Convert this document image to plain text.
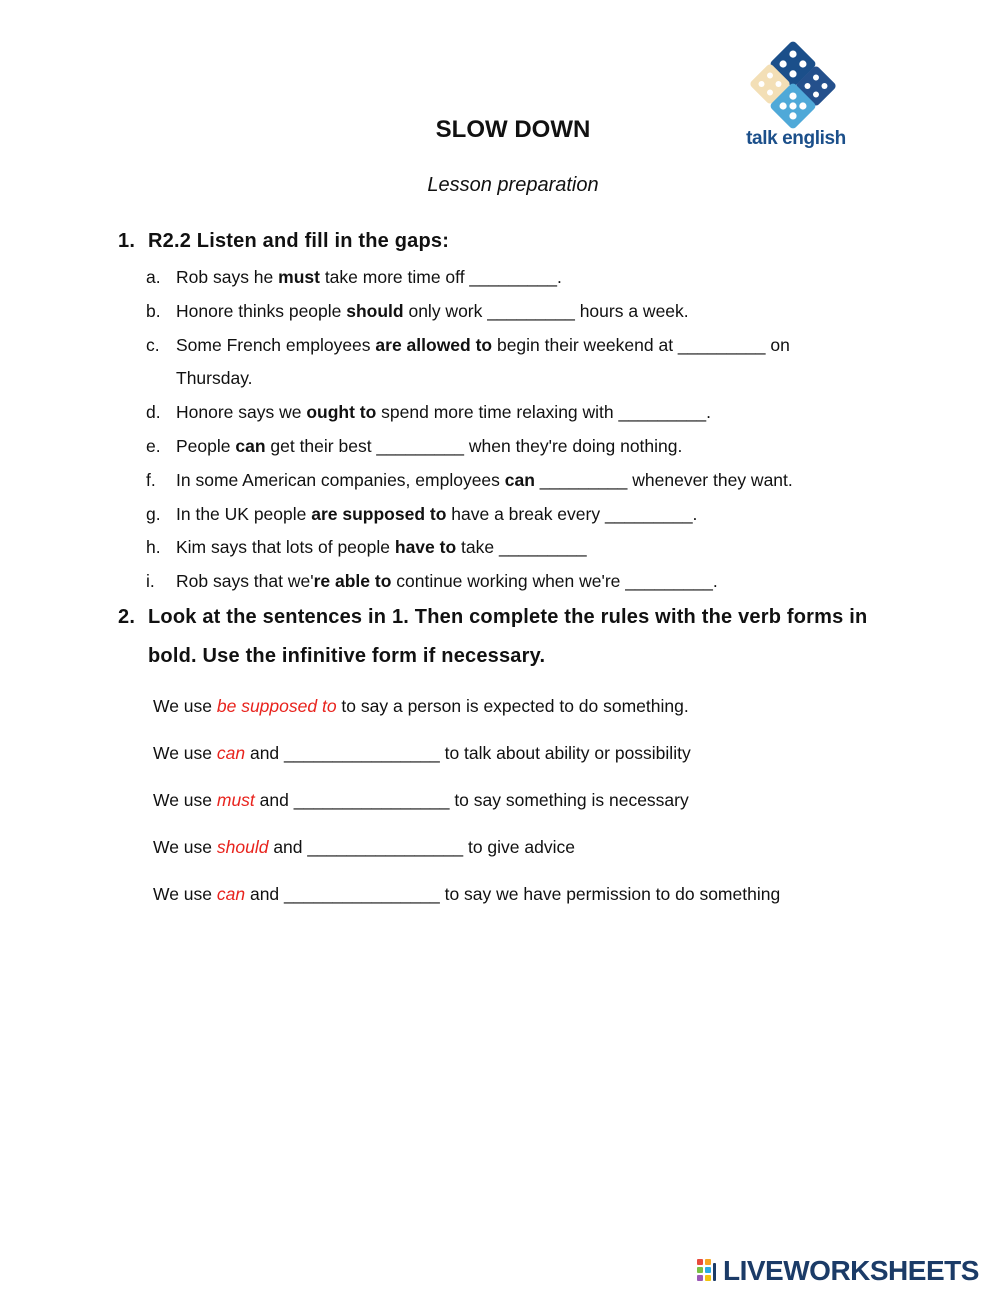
talk english
SLOW DOWN
Lesson preparation
1. R2.2 Listen and fill in the gaps:
a. Rob says he must take more time off _________.
b. Honore thinks people should only work _________ hours a week.
c. Some French employees are allowed to begin their weekend at _________ on Thursday.
d. Honore says we ought to spend more time relaxing with _________.
e. People can get their best _________ when they're doing nothing.
f. In some American companies, employees can _________ whenever they want.
g. In the UK people are supposed to have a break every _________.
h. Kim says that lots of people have to take _________
i. Rob says that we're able to continue working when we're _________.
2. Look at the sentences in 1. Then complete the rules with the verb forms in bold. Use the infinitive form if necessary.
We use be supposed to to say a person is expected to do something.
We use can and ________________ to talk about ability or possibility
We use must and ________________ to say something is necessary
We use should and ________________ to give advice
We use can and ________________ to say we have permission to do something
LIVEWORKSHEETS
